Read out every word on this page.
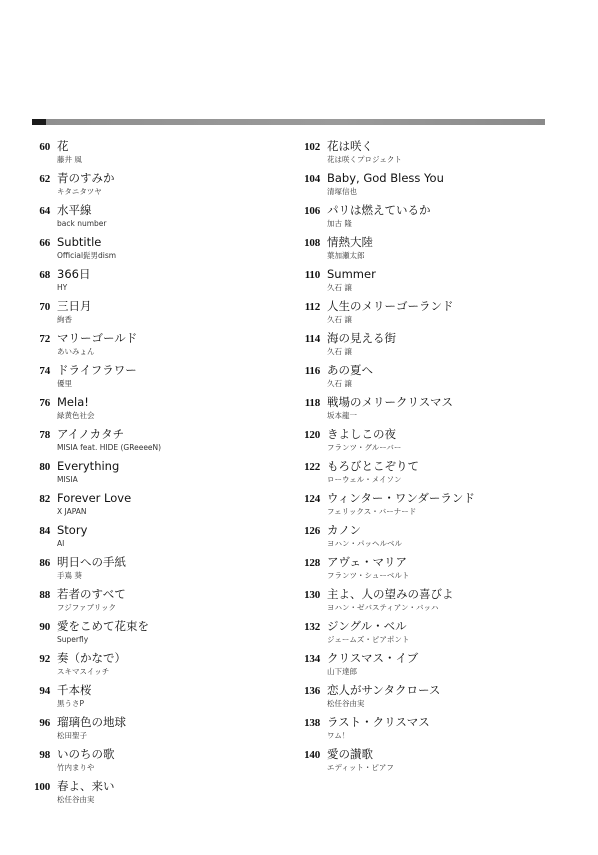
60 花
藤井 風
62 青のすみか
キタニタツヤ
64 水平線
back number
66 Subtitle
Official髭男dism
68 366日
HY
70 三日月
絢香
72 マリーゴールド
あいみょん
74 ドライフラワー
優里
76 Mela!
緑黄色社会
78 アイノカタチ
MISIA feat. HIDE (GReeeeN)
80 Everything
MISIA
82 Forever Love
X JAPAN
84 Story
AI
86 明日への手紙
手嶌 葵
88 若者のすべて
フジファブリック
90 愛をこめて花束を
Superfly
92 奏（かなで）
スキマスイッチ
94 千本桜
黒うさP
96 瑠璃色の地球
松田聖子
98 いのちの歌
竹内まりや
100 春よ、来い
松任谷由実
102 花は咲く
花は咲くプロジェクト
104 Baby, God Bless You
清塚信也
106 パリは燃えているか
加古 隆
108 情熱大陸
葉加瀬太郎
110 Summer
久石 譲
112 人生のメリーゴーランド
久石 譲
114 海の見える街
久石 譲
116 あの夏へ
久石 譲
118 戦場のメリークリスマス
坂本龍一
120 きよしこの夜
フランツ・グルーバー
122 もろびとこぞりて
ローウェル・メイソン
124 ウィンター・ワンダーランド
フェリックス・バーナード
126 カノン
ヨハン・パッヘルベル
128 アヴェ・マリア
フランツ・シューベルト
130 主よ、人の望みの喜びよ
ヨハン・ゼバスティアン・バッハ
132 ジングル・ベル
ジェームズ・ピアポント
134 クリスマス・イブ
山下達郎
136 恋人がサンタクロース
松任谷由実
138 ラスト・クリスマス
ワム！
140 愛の讃歌
エディット・ピアフ
